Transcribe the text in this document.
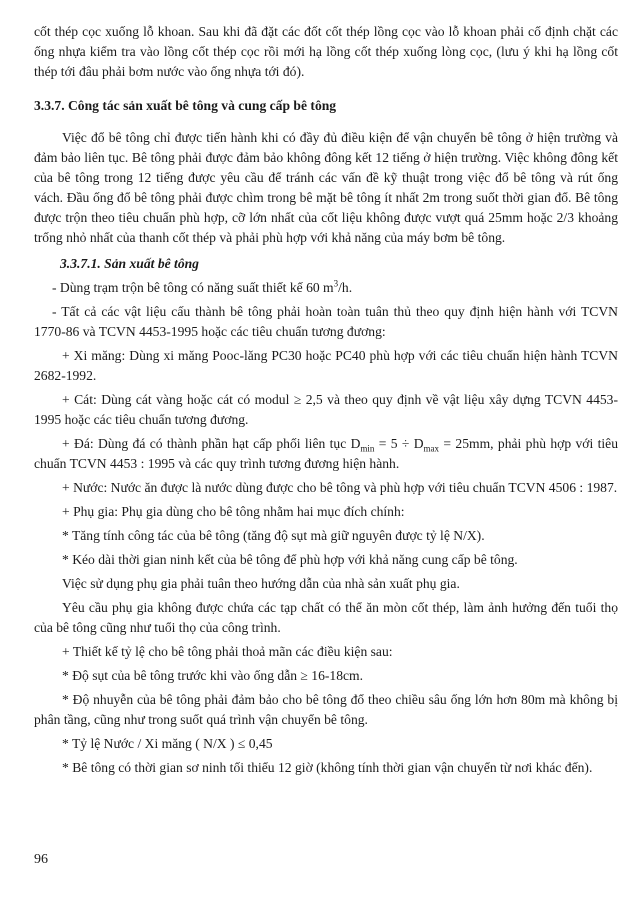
cốt thép cọc xuống lỗ khoan. Sau khi đã đặt các đốt cốt thép lồng cọc vào lỗ khoan phải cố định chặt các ống nhựa kiểm tra vào lồng cốt thép cọc rồi mới hạ lồng cốt thép xuống lòng cọc, (lưu ý khi hạ lồng cốt thép tới đâu phải bơm nước vào ống nhựa tới đó).

3.3.7. Công tác sản xuất bê tông và cung cấp bê tông

Việc đổ bê tông chỉ được tiến hành khi có đầy đủ điều kiện để vận chuyển bê tông ở hiện trường và đảm bảo liên tục. Bê tông phải được đảm bảo không đông kết 12 tiếng ở hiện trường. Việc không đông kết của bê tông trong 12 tiếng được yêu cầu để tránh các vấn đề kỹ thuật trong việc đổ bê tông và rút ống vách. Đầu ống đổ bê tông phải được chìm trong bê mặt bê tông ít nhất 2m trong suốt thời gian đổ. Bê tông được trộn theo tiêu chuẩn phù hợp, cỡ lớn nhất của cốt liệu không được vượt quá 25mm hoặc 2/3 khoảng trống nhỏ nhất của thanh cốt thép và phải phù hợp với khả năng của máy bơm bê tông.

3.3.7.1. Sản xuất bê tông

- Dùng trạm trộn bê tông có năng suất thiết kế 60 $m^3/h$.

- Tất cả các vật liệu cấu thành bê tông phải hoàn toàn tuân thủ theo quy định hiện hành với TCVN 1770-86 và TCVN 4453-1995 hoặc các tiêu chuẩn tương đương:

+ Xi măng: Dùng xi măng Pooc-lăng PC30 hoặc PC40 phù hợp với các tiêu chuẩn hiện hành TCVN 2682-1992.

+ Cát: Dùng cát vàng hoặc cát có modul ≥ 2,5 và theo quy định về vật liệu xây dựng TCVN 4453-1995 hoặc các tiêu chuẩn tương đương.

+ Đá: Dùng đá có thành phần hạt cấp phối liên tục $D_{min} = 5 \div D_{max} = 25mm$, phải phù hợp với tiêu chuẩn TCVN 4453 : 1995 và các quy trình tương đương hiện hành.

+ Nước: Nước ăn được là nước dùng được cho bê tông và phù hợp với tiêu chuẩn TCVN 4506 : 1987.

+ Phụ gia: Phụ gia dùng cho bê tông nhằm hai mục đích chính:

* Tăng tính công tác của bê tông (tăng độ sụt mà giữ nguyên được tỷ lệ N/X).

* Kéo dài thời gian ninh kết của bê tông để phù hợp với khả năng cung cấp bê tông.

Việc sử dụng phụ gia phải tuân theo hướng dẫn của nhà sản xuất phụ gia.

Yêu cầu phụ gia không được chứa các tạp chất có thể ăn mòn cốt thép, làm ảnh hưởng đến tuổi thọ của bê tông cũng như tuổi thọ của công trình.

+ Thiết kế tỷ lệ cho bê tông phải thoả mãn các điều kiện sau:

* Độ sụt của bê tông trước khi vào ống dẫn ≥ 16-18cm.

* Độ nhuyễn của bê tông phải đảm bảo cho bê tông đổ theo chiều sâu ống lớn hơn 80m mà không bị phân tầng, cũng như trong suốt quá trình vận chuyển bê tông.

* Tỷ lệ Nước / Xi măng ( N/X ) ≤ 0,45

* Bê tông có thời gian sơ ninh tối thiểu 12 giờ (không tính thời gian vận chuyển từ nơi khác đến).

96
